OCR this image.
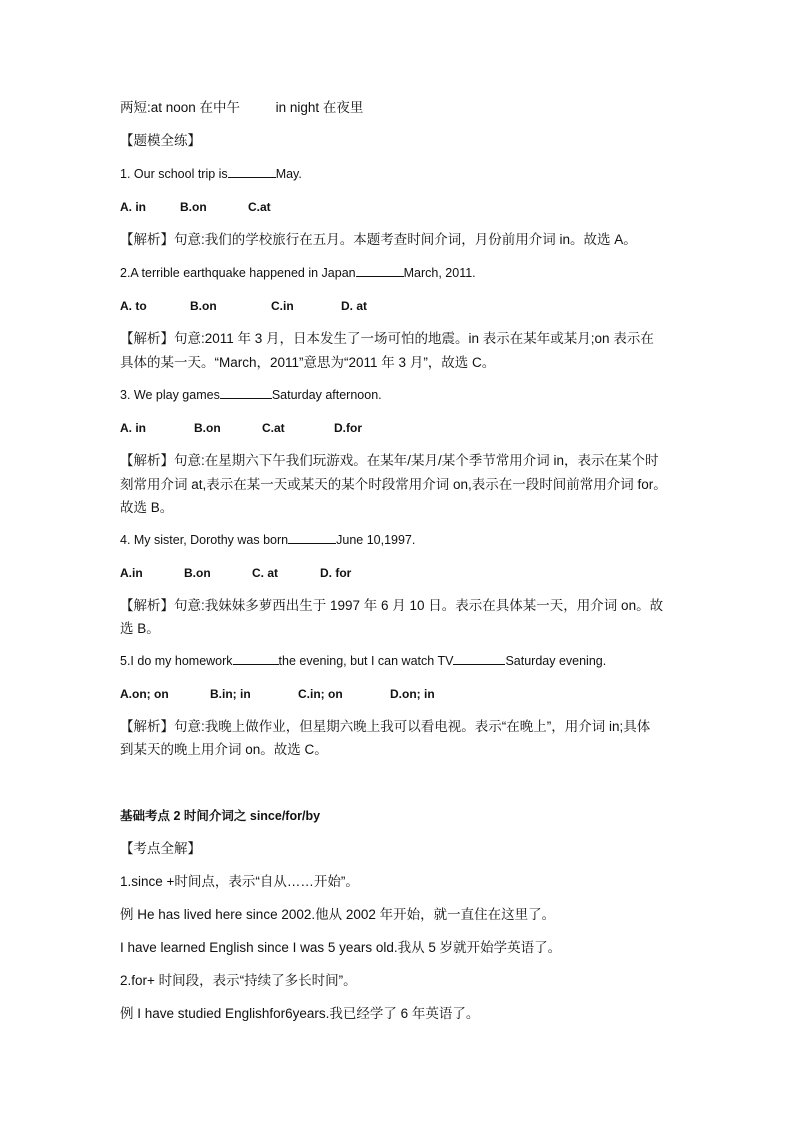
两短:at noon 在中午	in night 在夜里
【题模全练】
1. Our school trip is	May.
A. in	B.on	C.at
【解析】句意:我们的学校旅行在五月。本题考查时间介词，月份前用介词 in。故选 A。
2.A terrible earthquake happened in Japan	March, 2011.
A. to	B.on	C.in	D. at
【解析】句意:2011 年 3 月，日本发生了一场可怕的地震。in 表示在某年或某月;on 表示在
具体的某一天。“March，2011”意思为“2011 年 3 月”，故选 C。
3. We play games	Saturday afternoon.
A. in	B.on	C.at	D.for
【解析】句意:在星期六下午我们玩游戏。在某年/某月/某个季节常用介词 in，表示在某个时
刻常用介词 at,表示在某一天或某天的某个时段常用介词 on,表示在一段时间前常用介词 for。
故选 B。
4. My sister, Dorothy was born	June 10,1997.
A.in	B.on	C. at	D. for
【解析】句意:我妹妹多萝西出生于 1997 年 6 月 10 日。表示在具体某一天，用介词 on。故
选 B。
5.I do my homework	the evening, but I can watch TV	Saturday evening.
A.on; on	B.in; in	C.in; on	D.on; in
【解析】句意:我晚上做作业，但星期六晚上我可以看电视。表示“在晚上”，用介词 in;具体
到某天的晚上用介词 on。故选 C。
基础考点 2 时间介词之 since/for/by
【考点全解】
1.since +时间点，表示“自从……开始”。
例 He has lived here since 2002.他从 2002 年开始，就一直住在这里了。
I have learned English since I was 5 years old.我从 5 岁就开始学英语了。
2.for+ 时间段，表示“持续了多长时间”。
例 I have studied Englishfor6years.我已经学了 6 年英语了。
